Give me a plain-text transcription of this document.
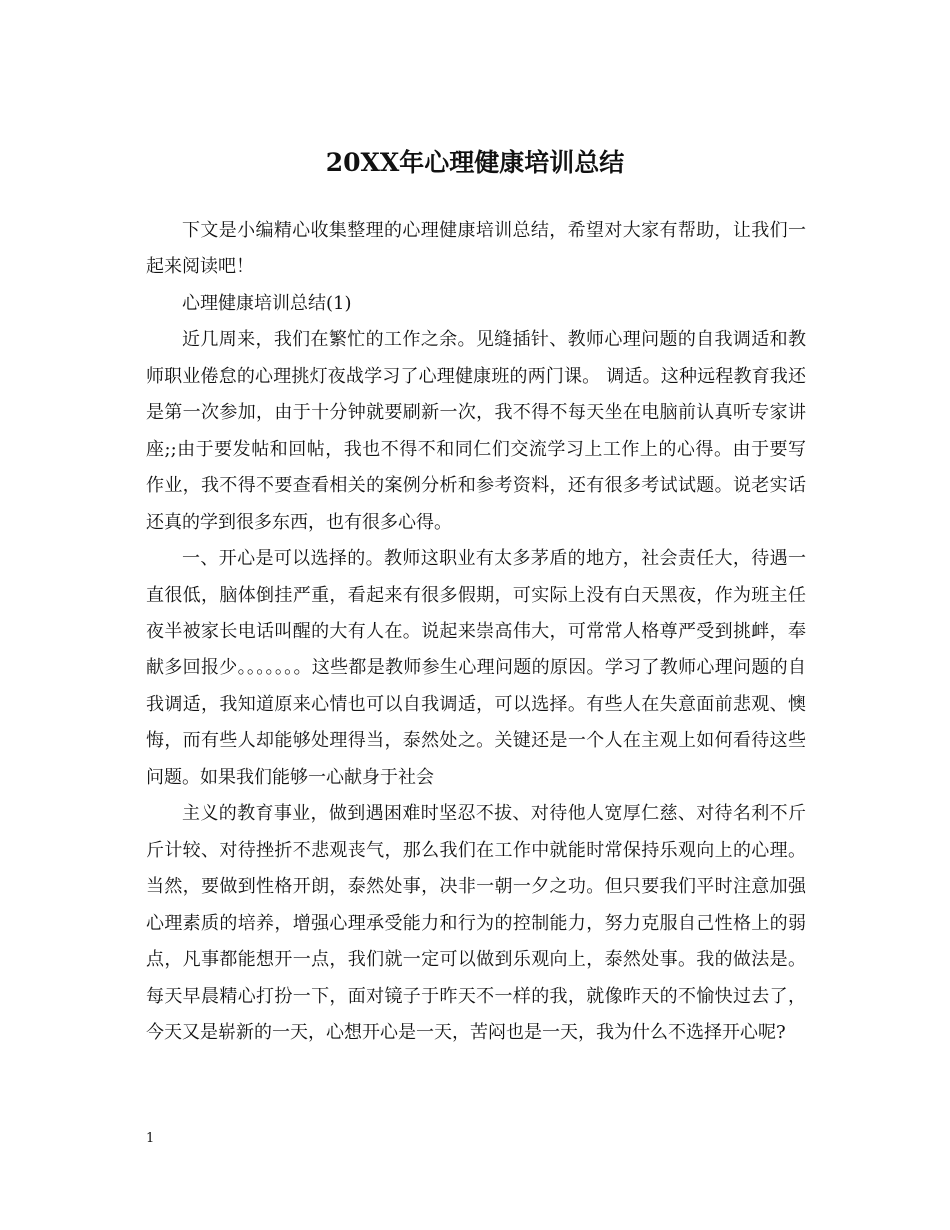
20XX年心理健康培训总结

下文是小编精心收集整理的心理健康培训总结，希望对大家有帮助，让我们一起来阅读吧！

心理健康培训总结(1)

近几周来，我们在繁忙的工作之余。见缝插针、教师心理问题的自我调适和教师职业倦怠的心理挑灯夜战学习了心理健康班的两门课。 调适。这种远程教育我还是第一次参加，由于十分钟就要刷新一次，我不得不每天坐在电脑前认真听专家讲座;;由于要发帖和回帖，我也不得不和同仁们交流学习上工作上的心得。由于要写作业，我不得不要查看相关的案例分析和参考资料，还有很多考试试题。说老实话还真的学到很多东西，也有很多心得。

一、开心是可以选择的。教师这职业有太多茅盾的地方，社会责任大，待遇一直很低，脑体倒挂严重，看起来有很多假期，可实际上没有白天黑夜，作为班主任夜半被家长电话叫醒的大有人在。说起来崇高伟大，可常常人格尊严受到挑衅，奉献多回报少。。。。。。。这些都是教师参生心理问题的原因。学习了教师心理问题的自我调适，我知道原来心情也可以自我调适，可以选择。有些人在失意面前悲观、懊悔，而有些人却能够处理得当，泰然处之。关键还是一个人在主观上如何看待这些问题。如果我们能够一心献身于社会

主义的教育事业，做到遇困难时坚忍不拔、对待他人宽厚仁慈、对待名利不斤斤计较、对待挫折不悲观丧气，那么我们在工作中就能时常保持乐观向上的心理。当然，要做到性格开朗，泰然处事，决非一朝一夕之功。但只要我们平时注意加强心理素质的培养，增强心理承受能力和行为的控制能力，努力克服自己性格上的弱点，凡事都能想开一点，我们就一定可以做到乐观向上，泰然处事。我的做法是。每天早晨精心打扮一下，面对镜子于昨天不一样的我，就像昨天的不愉快过去了，今天又是崭新的一天，心想开心是一天，苦闷也是一天，我为什么不选择开心呢?

1
